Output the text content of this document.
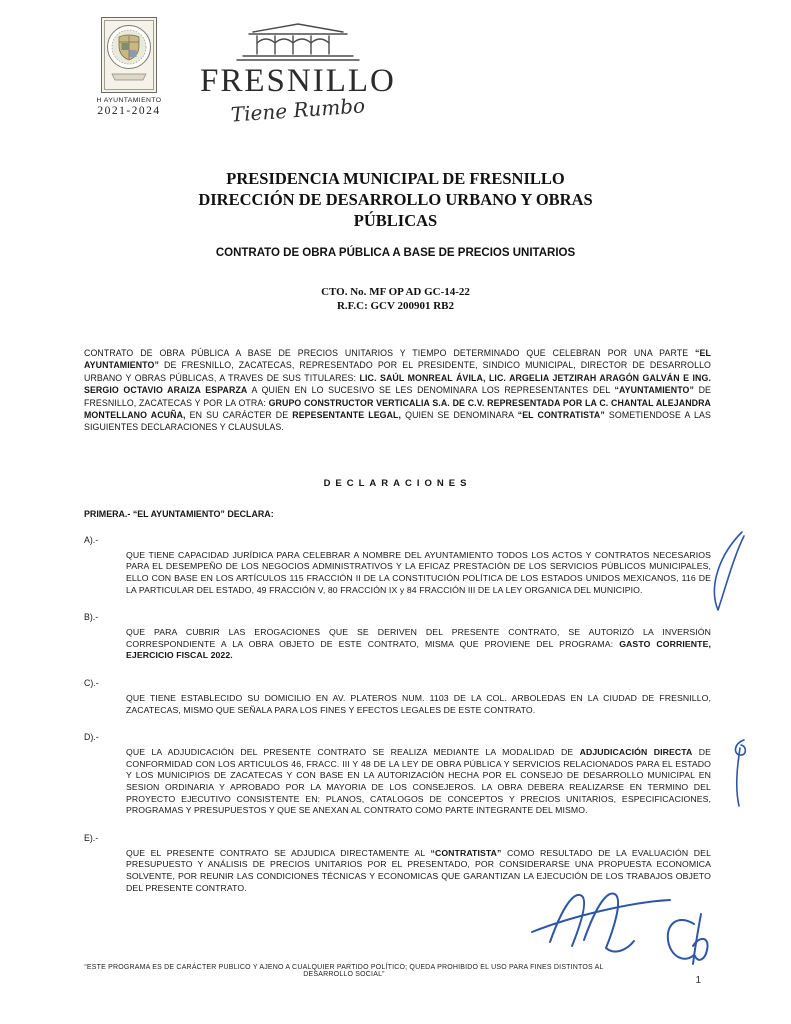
H AYUNTAMIENTO
2021-2024
FRESNILLO
Tiene Rumbo
PRESIDENCIA MUNICIPAL DE FRESNILLO
DIRECCIÓN DE DESARROLLO URBANO Y OBRAS PÚBLICAS
CONTRATO DE OBRA PÚBLICA A BASE DE PRECIOS UNITARIOS
CTO. No. MF OP AD GC-14-22
R.F.C: GCV 200901 RB2

CONTRATO DE OBRA PÚBLICA A BASE DE PRECIOS UNITARIOS Y TIEMPO DETERMINADO QUE CELEBRAN POR UNA PARTE “EL AYUNTAMIENTO” DE FRESNILLO, ZACATECAS, REPRESENTADO POR EL PRESIDENTE, SINDICO MUNICIPAL, DIRECTOR DE DESARROLLO URBANO Y OBRAS PÚBLICAS, A TRAVES DE SUS TITULARES: LIC. SAÚL MONREAL ÁVILA, LIC. ARGELIA JETZIRAH ARAGÓN GALVÁN E ING. SERGIO OCTAVIO ARAIZA ESPARZA A QUIEN EN LO SUCESIVO SE LES DENOMINARA LOS REPRESENTANTES DEL “AYUNTAMIENTO” DE FRESNILLO, ZACATECAS Y POR LA OTRA: GRUPO CONSTRUCTOR VERTICALIA S.A. DE C.V. REPRESENTADA POR LA C. CHANTAL ALEJANDRA MONTELLANO ACUÑA, EN SU CARÁCTER DE REPESENTANTE LEGAL, QUIEN SE DENOMINARA “EL CONTRATISTA” SOMETIENDOSE A LAS SIGUIENTES DECLARACIONES Y CLAUSULAS.

DECLARACIONES
PRIMERA.- “EL AYUNTAMIENTO” DECLARA:
A).-

QUE TIENE CAPACIDAD JURÍDICA PARA CELEBRAR A NOMBRE DEL AYUNTAMIENTO TODOS LOS ACTOS Y CONTRATOS NECESARIOS PARA EL DESEMPEÑO DE LOS NEGOCIOS ADMINISTRATIVOS Y LA EFICAZ PRESTACIÓN DE LOS SERVICIOS PÚBLICOS MUNICIPALES, ELLO CON BASE EN LOS ARTÍCULOS 115 FRACCIÓN II DE LA CONSTITUCIÓN POLÍTICA DE LOS ESTADOS UNIDOS MEXICANOS, 116 DE LA PARTICULAR DEL ESTADO, 49 FRACCIÓN V, 80 FRACCIÓN IX y 84 FRACCIÓN III DE LA LEY ORGANICA DEL MUNICIPIO.

B).-

QUE PARA CUBRIR LAS EROGACIONES QUE SE DERIVEN DEL PRESENTE CONTRATO, SE AUTORIZÓ LA INVERSIÓN CORRESPONDIENTE A LA OBRA OBJETO DE ESTE CONTRATO, MISMA QUE PROVIENE DEL PROGRAMA: GASTO CORRIENTE, EJERCICIO FISCAL 2022.

C).-

QUE TIENE ESTABLECIDO SU DOMICILIO EN AV. PLATEROS NUM. 1103 DE LA COL. ARBOLEDAS EN LA CIUDAD DE FRESNILLO, ZACATECAS, MISMO QUE SEÑALA PARA LOS FINES Y EFECTOS LEGALES DE ESTE CONTRATO.

D).-

QUE LA ADJUDICACIÓN DEL PRESENTE CONTRATO SE REALIZA MEDIANTE LA MODALIDAD DE ADJUDICACIÓN DIRECTA DE CONFORMIDAD CON LOS ARTICULOS 46, FRACC. III Y 48 DE LA LEY DE OBRA PÚBLICA Y SERVICIOS RELACIONADOS PARA EL ESTADO Y LOS MUNICIPIOS DE ZACATECAS Y CON BASE EN LA AUTORIZACIÓN HECHA POR EL CONSEJO DE DESARROLLO MUNICIPAL EN SESION ORDINARIA Y APROBADO POR LA MAYORIA DE LOS CONSEJEROS. LA OBRA DEBERA REALIZARSE EN TERMINO DEL PROYECTO EJECUTIVO CONSISTENTE EN: PLANOS, CATALOGOS DE CONCEPTOS Y PRECIOS UNITARIOS, ESPECIFICACIONES, PROGRAMAS Y PRESUPUESTOS Y QUE SE ANEXAN AL CONTRATO COMO PARTE INTEGRANTE DEL MISMO.

E).-

QUE EL PRESENTE CONTRATO SE ADJUDICA DIRECTAMENTE AL “CONTRATISTA” COMO RESULTADO DE LA EVALUACIÓN DEL PRESUPUESTO Y ANÁLISIS DE PRECIOS UNITARIOS POR EL PRESENTADO, POR CONSIDERARSE UNA PROPUESTA ECONOMICA SOLVENTE, POR REUNIR LAS CONDICIONES TÉCNICAS Y ECONOMICAS QUE GARANTIZAN LA EJECUCIÓN DE LOS TRABAJOS OBJETO DEL PRESENTE CONTRATO.

“ESTE PROGRAMA ES DE CARÁCTER PUBLICO Y AJENO A CUALQUIER PARTIDO POLÍTICO; QUEDA PROHIBIDO EL USO PARA FINES DISTINTOS AL DESARROLLO SOCIAL”
1
